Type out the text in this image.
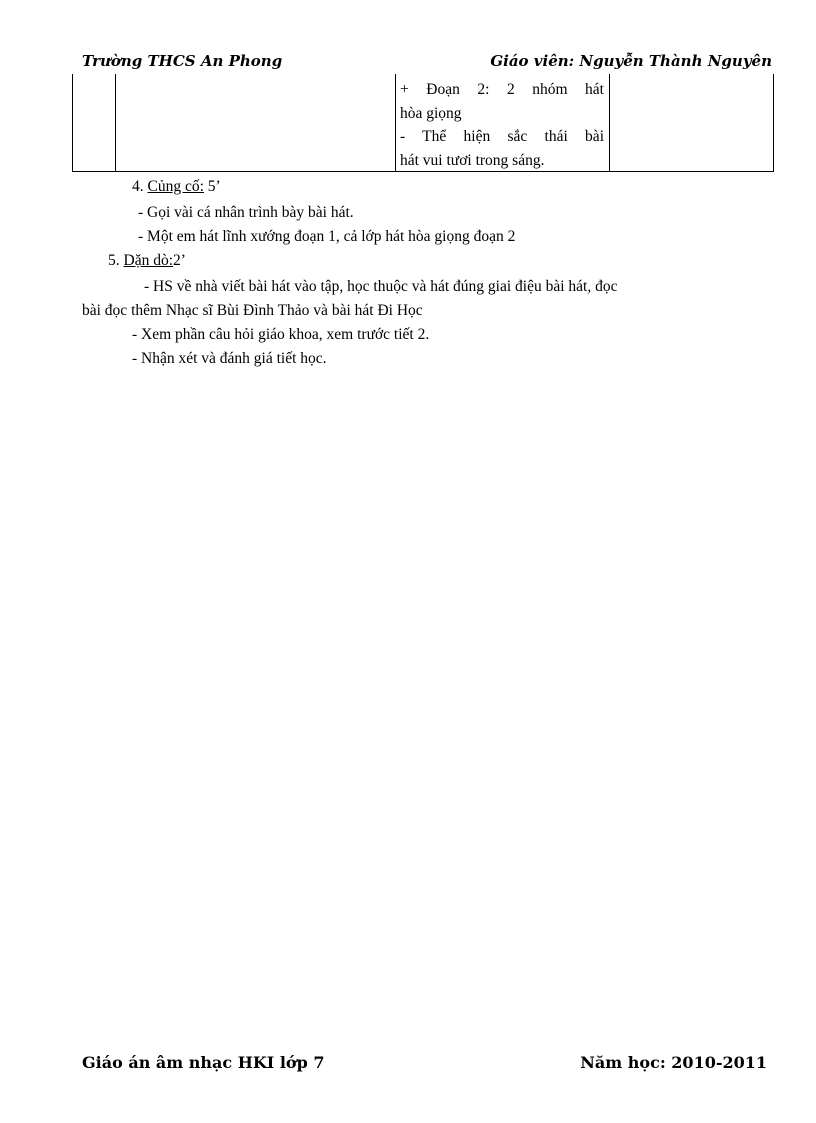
Trường THCS An Phong	Giáo viên: Nguyễn Thành Nguyên
+ Đoạn 2: 2 nhóm hát
hòa giọng
- Thể hiện sắc thái bài
hát vui tươi trong sáng.
4. Củng cố: 5’
- Gọi vài cá nhân trình bày bài hát.
- Một em hát lĩnh xướng đoạn 1, cả lớp hát hòa giọng đoạn 2
5. Dặn dò:2’
- HS về nhà viết bài hát vào tập, học thuộc và hát đúng giai điệu bài hát, đọc
bài đọc thêm Nhạc sĩ Bùi Đình Thảo và bài hát Đi Học
- Xem phần câu hỏi giáo khoa, xem trước tiết 2.
- Nhận xét và đánh giá tiết học.
Giáo án âm nhạc HKI lớp 7	Năm học: 2010-2011
